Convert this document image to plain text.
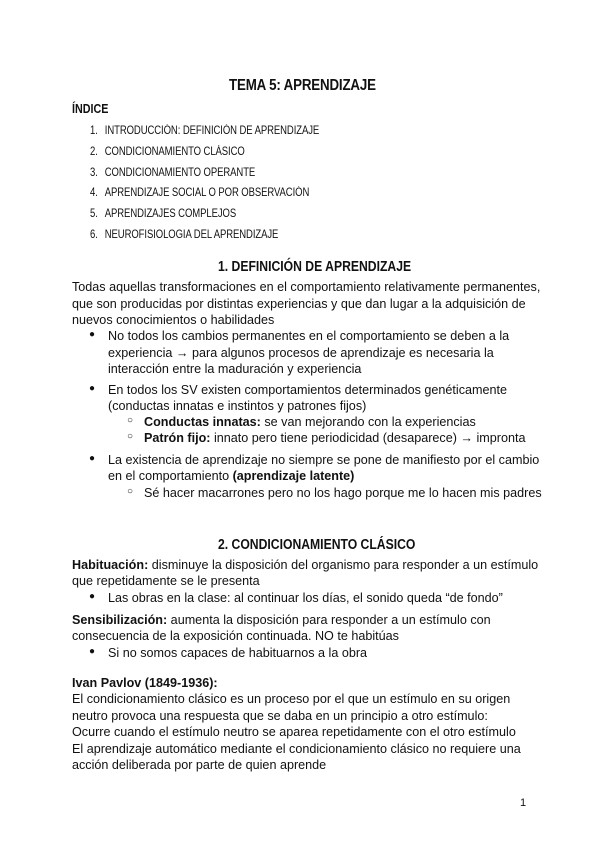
TEMA 5: APRENDIZAJE
ÍNDICE
1. INTRODUCCIÓN: DEFINICIÓN DE APRENDIZAJE
2. CONDICIONAMIENTO CLÁSICO
3. CONDICIONAMIENTO OPERANTE
4. APRENDIZAJE SOCIAL O POR OBSERVACIÓN
5. APRENDIZAJES COMPLEJOS
6. NEUROFISIOLOGIA DEL APRENDIZAJE
1. DEFINICIÓN DE APRENDIZAJE
Todas aquellas transformaciones en el comportamiento relativamente permanentes,
que son producidas por distintas experiencias y que dan lugar a la adquisición de
nuevos conocimientos o habilidades
● No todos los cambios permanentes en el comportamiento se deben a la
experiencia → para algunos procesos de aprendizaje es necesaria la
interacción entre la maduración y experiencia
● En todos los SV existen comportamientos determinados genéticamente
(conductas innatas e instintos y patrones fijos)
○ Conductas innatas: se van mejorando con la experiencias
○ Patrón fijo: innato pero tiene periodicidad (desaparece) → impronta
● La existencia de aprendizaje no siempre se pone de manifiesto por el cambio
en el comportamiento (aprendizaje latente)
○ Sé hacer macarrones pero no los hago porque me lo hacen mis padres
2. CONDICIONAMIENTO CLÁSICO
Habituación: disminuye la disposición del organismo para responder a un estímulo
que repetidamente se le presenta
● Las obras en la clase: al continuar los días, el sonido queda “de fondo”
Sensibilización: aumenta la disposición para responder a un estímulo con
consecuencia de la exposición continuada. NO te habitúas
● Si no somos capaces de habituarnos a la obra
Ivan Pavlov (1849-1936):
El condicionamiento clásico es un proceso por el que un estímulo en su origen
neutro provoca una respuesta que se daba en un principio a otro estímulo:
Ocurre cuando el estímulo neutro se aparea repetidamente con el otro estímulo
El aprendizaje automático mediante el condicionamiento clásico no requiere una
acción deliberada por parte de quien aprende
1
